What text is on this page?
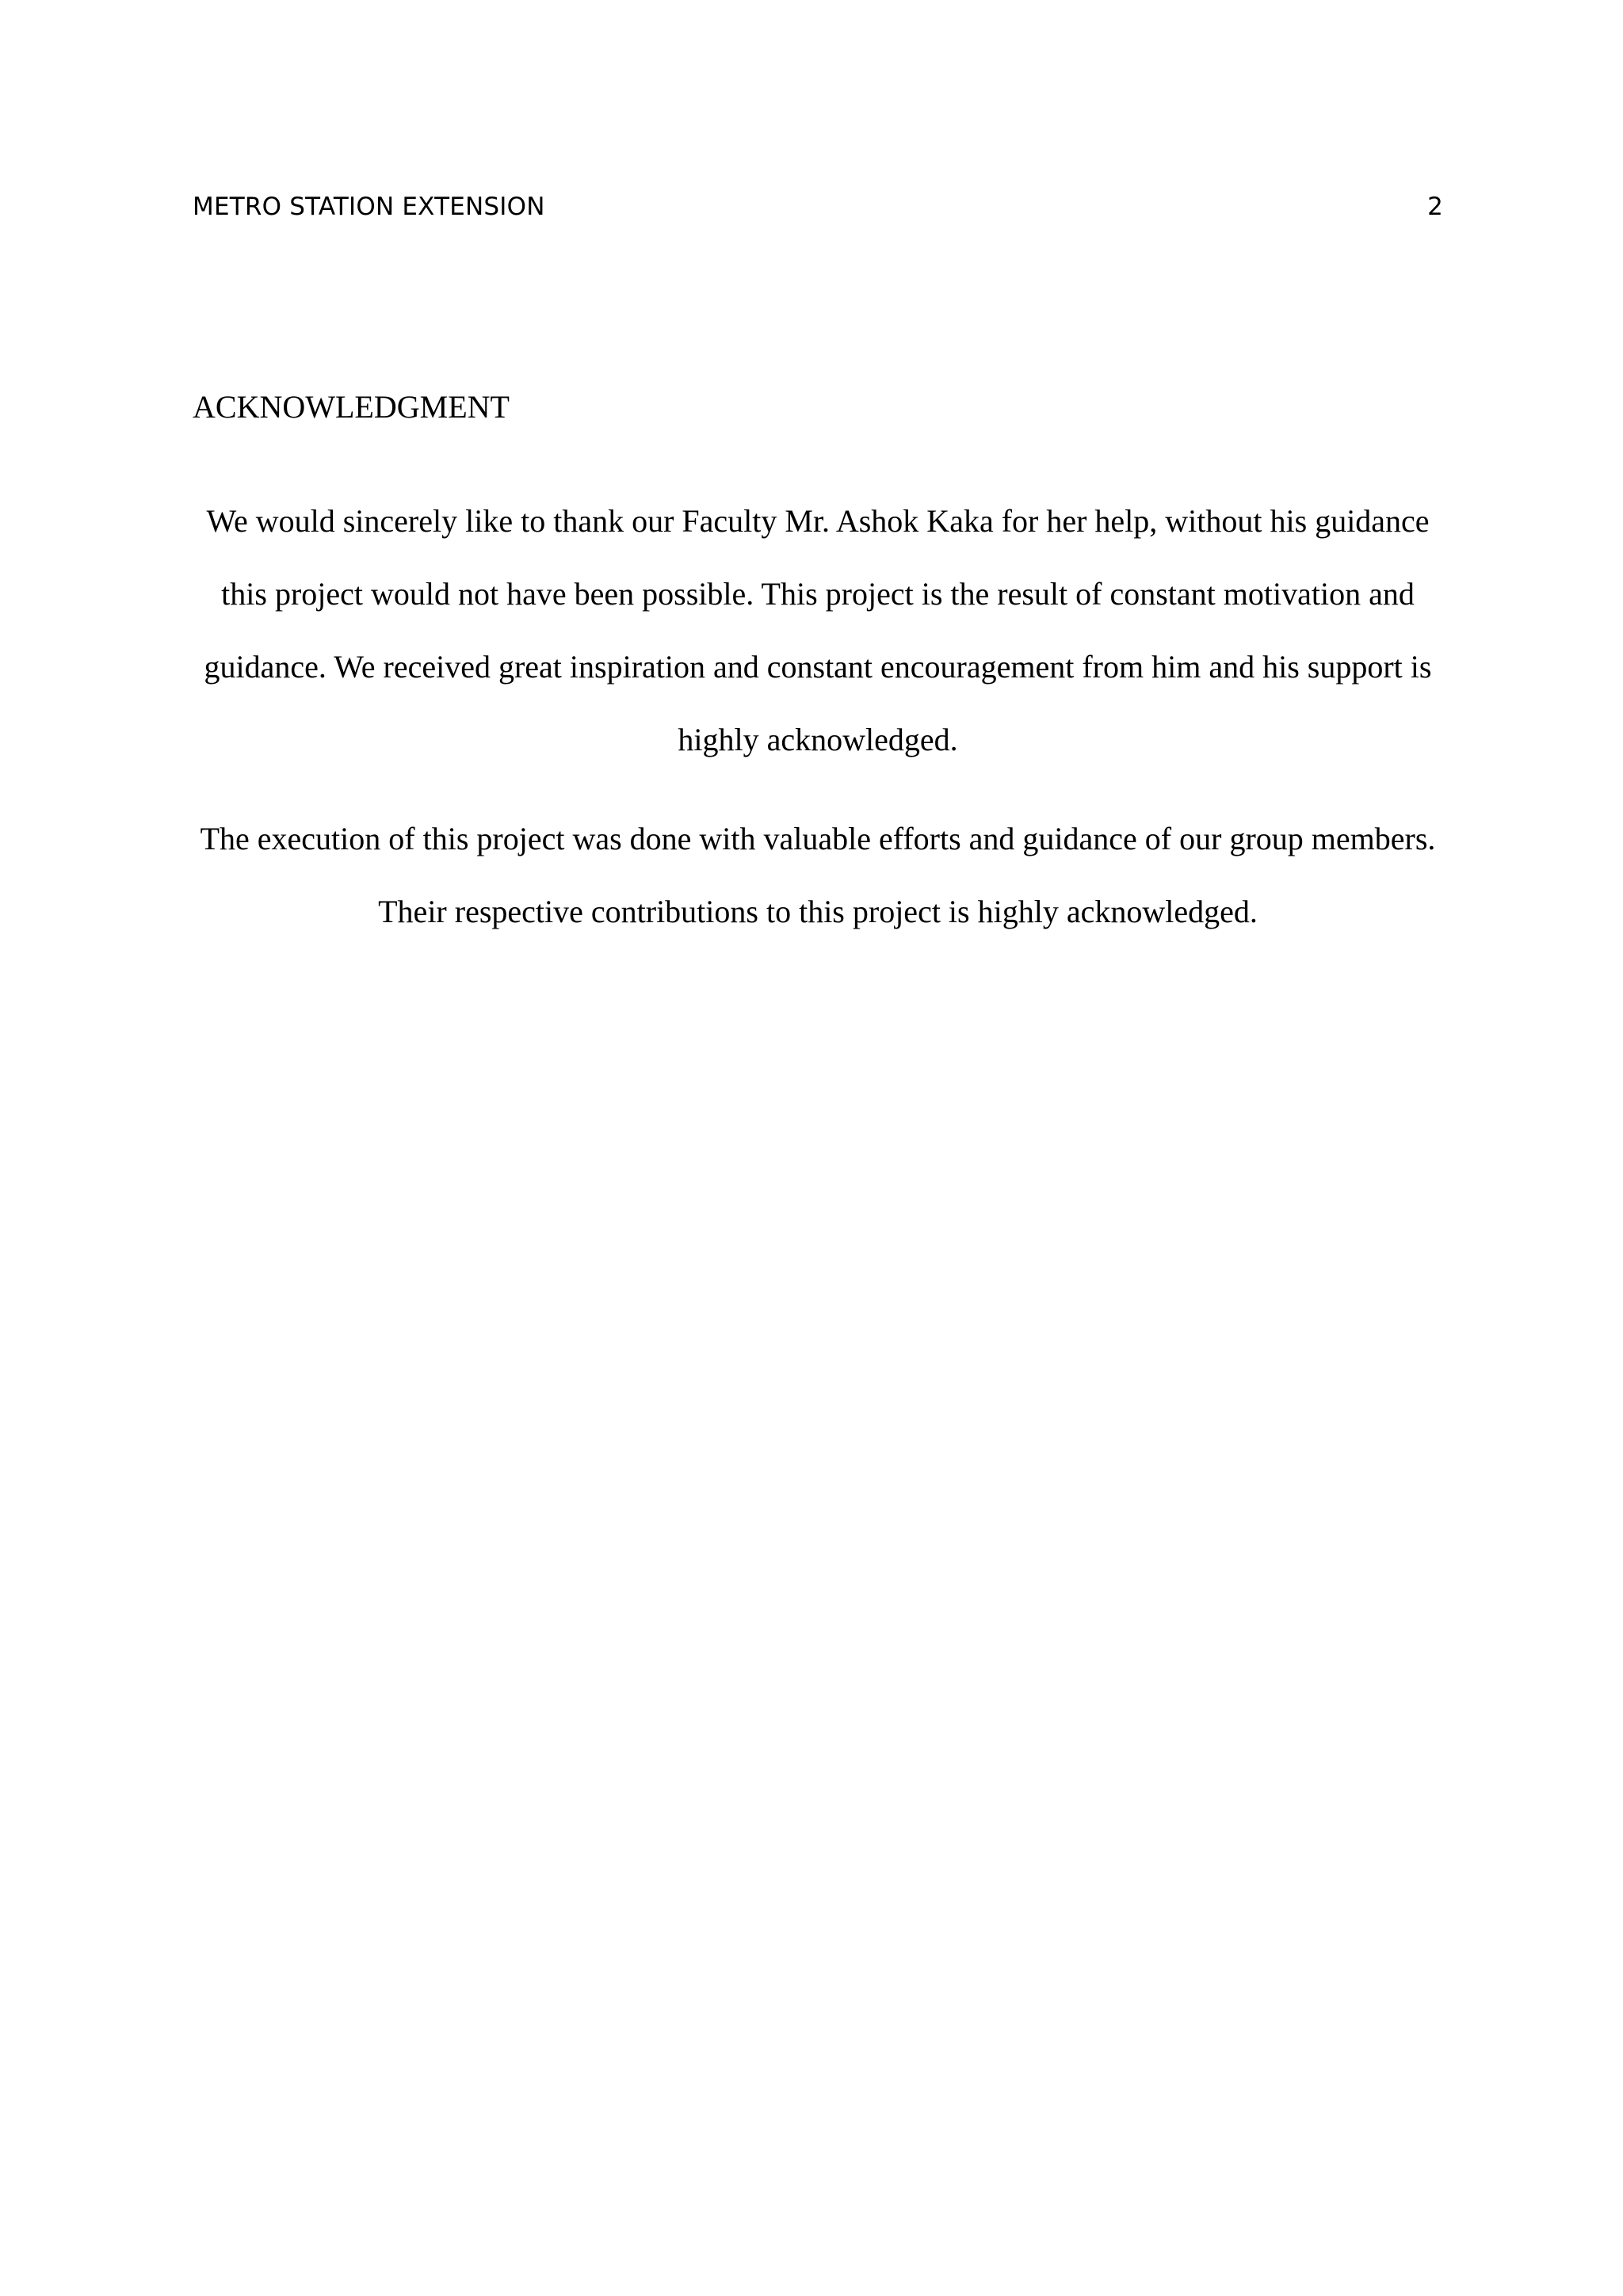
METRO STATION EXTENSION	2
ACKNOWLEDGMENT

We would sincerely like to thank our Faculty Mr. Ashok Kaka for her help, without his guidance this project would not have been possible. This project is the result of constant motivation and guidance. We received great inspiration and constant encouragement from him and his support is highly acknowledged.

The execution of this project was done with valuable efforts and guidance of our group members. Their respective contributions to this project is highly acknowledged.
